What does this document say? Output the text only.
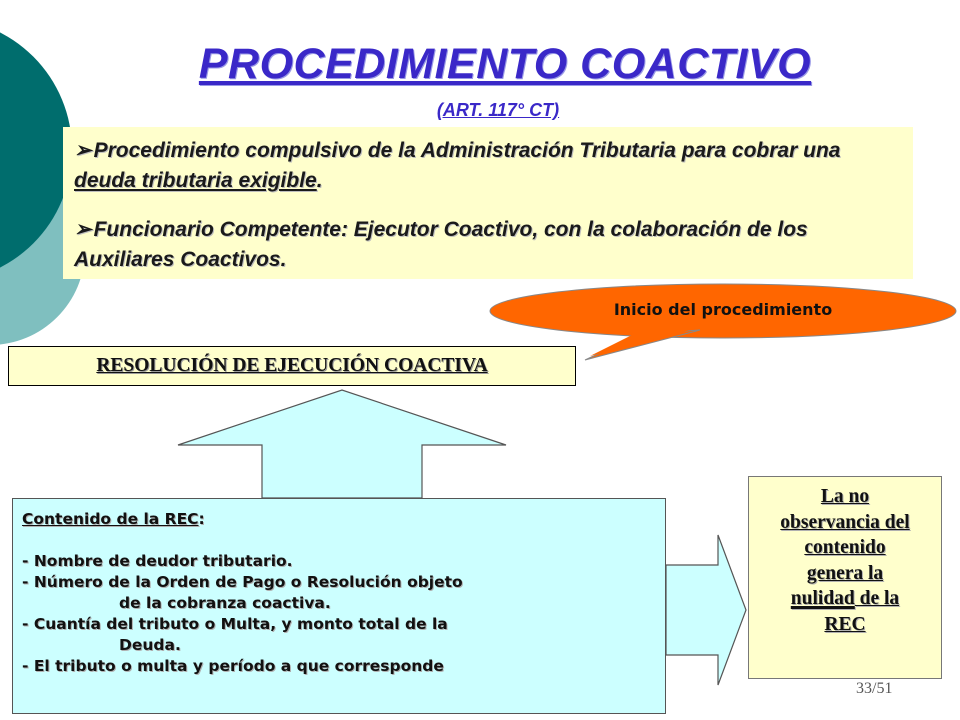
PROCEDIMIENTO COACTIVO
(ART. 117° CT)
➢Procedimiento compulsivo de la Administración Tributaria para cobrar una deuda tributaria exigible.
➢Funcionario Competente: Ejecutor Coactivo, con la colaboración de los Auxiliares Coactivos.
Inicio del procedimiento
RESOLUCIÓN DE EJECUCIÓN COACTIVA
Contenido de la REC:
- Nombre de deudor tributario.
- Número de la Orden de Pago o Resolución objeto
de la cobranza coactiva.
- Cuantía del tributo o Multa, y monto total de la
Deuda.
- El tributo o multa y período a que corresponde
La no
observancia del
contenido
genera la
nulidad de la
REC
33/51
